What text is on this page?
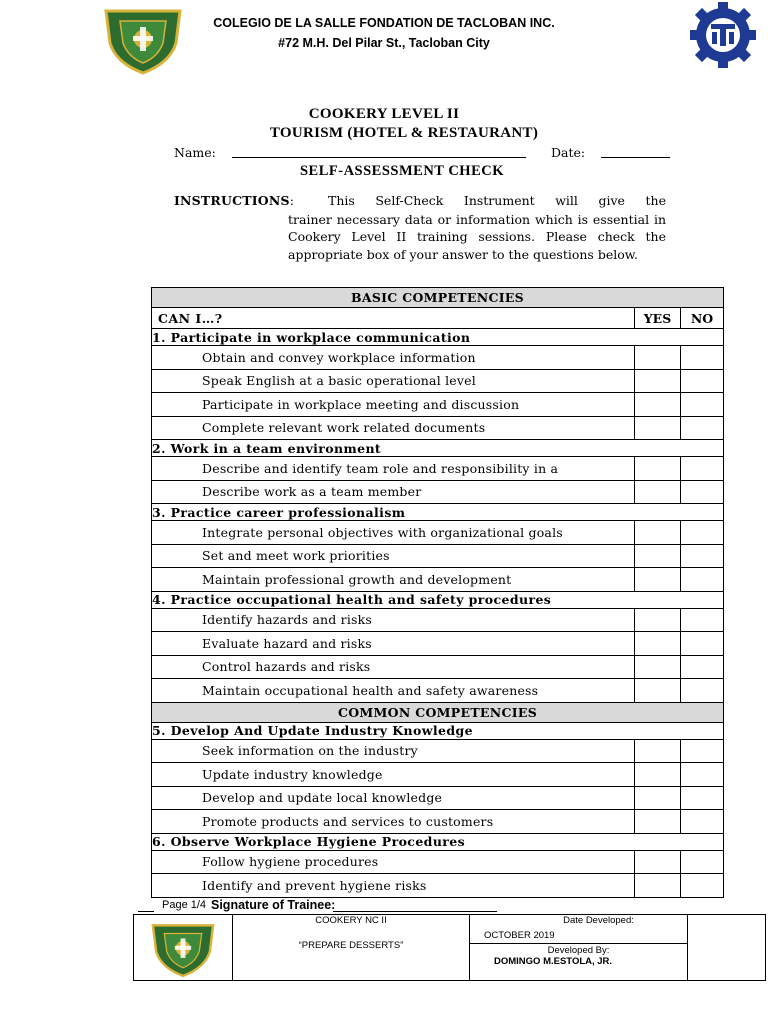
COLEGIO DE LA SALLE FONDATION DE TACLOBAN INC.
#72 M.H. Del Pilar St., Tacloban City
COOKERY LEVEL II
TOURISM (HOTEL & RESTAURANT)
Name:	Date:
SELF-ASSESSMENT CHECK
INSTRUCTIONS:	This Self-Check Instrument will give the
trainer necessary data or information which is essential in Cookery Level II training sessions. Please check the appropriate box of your answer to the questions below.
BASIC COMPETENCIES		
CAN I…?	YES	NO
1. Participate in workplace communication		
Obtain and convey workplace information		
Speak English at a basic operational level		
Participate in workplace meeting and discussion		
Complete relevant work related documents		
2. Work in a team environment		
Describe and identify team role and responsibility in a		
Describe work as a team member		
3. Practice career professionalism		
Integrate personal objectives with organizational goals		
Set and meet work priorities		
Maintain professional growth and development		
4. Practice occupational health and safety procedures		
Identify hazards and risks		
Evaluate hazard and risks		
Control hazards and risks		
Maintain occupational health and safety awareness		
COMMON COMPETENCIES		
5. Develop And Update Industry Knowledge		
Seek information on the industry		
Update industry knowledge		
Develop and update local knowledge		
Promote products and services to customers		
6. Observe Workplace Hygiene Procedures		
Follow hygiene procedures		
Identify and prevent hygiene risks		
Page 1/4 Signature of Trainee:

COOKERY NC II
“PREPARE DESSERTS”

Date Developed:
OCTOBER 2019
Developed By:
DOMINGO M.ESTOLA, JR.
